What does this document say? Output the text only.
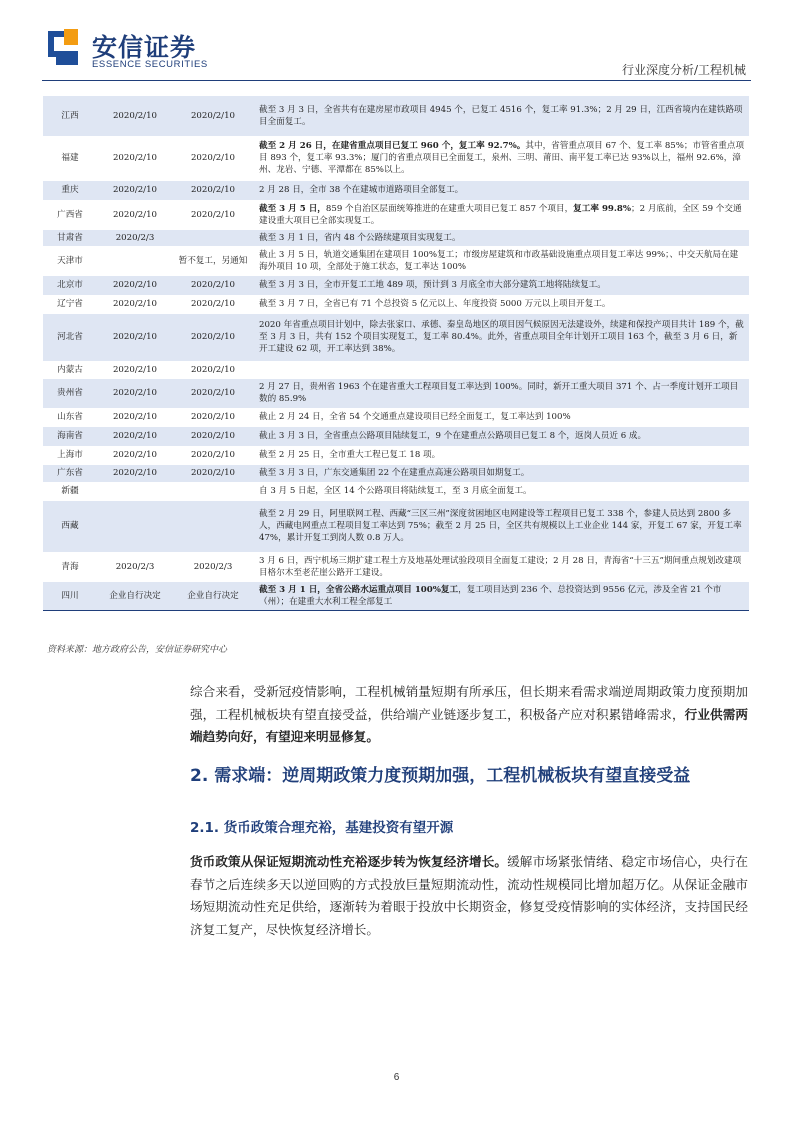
安信证券
ESSENCE SECURITIES	行业深度分析/工程机械
江西	2020/2/10	2020/2/10	截至 3 月 3 日，全省共有在建房屋市政项目 4945 个，已复工 4516 个，复工率 91.3%；2 月 29 日，江西省境内在建铁路项目全面复工。
福建	2020/2/10	2020/2/10	截至 2 月 26 日，在建省重点项目已复工 960 个，复工率 92.7%。其中，省管重点项目 67 个、复工率 85%；市管省重点项目 893 个，复工率 93.3%；厦门的省重点项目已全面复工，泉州、三明、莆田、南平复工率已达 93%以上，福州 92.6%，漳州、龙岩、宁德、平潭都在 85%以上。
重庆	2020/2/10	2020/2/10	2 月 28 日，全市 38 个在建城市道路项目全部复工。
广西省	2020/2/10	2020/2/10	截至 3 月 5 日，859 个自治区层面统筹推进的在建重大项目已复工 857 个项目，复工率 99.8%；2 月底前，全区 59 个交通建设重大项目已全部实现复工。
甘肃省	2020/2/3		截至 3 月 1 日，省内 48 个公路续建项目实现复工。
天津市		暂不复工，另通知	截止 3 月 5 日，轨道交通集团在建项目 100%复工；市级房屋建筑和市政基础设施重点项目复工率达 99%；、中交天航局在建海外项目 10 项，全部处于施工状态，复工率达 100%
北京市	2020/2/10	2020/2/10	截至 3 月 3 日，全市开复工工地 489 项，预计到 3 月底全市大部分建筑工地将陆续复工。
辽宁省	2020/2/10	2020/2/10	截至 3 月 7 日，全省已有 71 个总投资 5 亿元以上、年度投资 5000 万元以上项目开复工。
河北省	2020/2/10	2020/2/10	2020 年省重点项目计划中，除去张家口、承德、秦皇岛地区的项目因气候原因无法建设外，续建和保投产项目共计 189 个，截至 3 月 3 日，共有 152 个项目实现复工，复工率 80.4%。此外，省重点项目全年计划开工项目 163 个，截至 3 月 6 日，新开工建设 62 项，开工率达到 38%。
内蒙古	2020/2/10	2020/2/10	
贵州省	2020/2/10	2020/2/10	2 月 27 日，贵州省 1963 个在建省重大工程项目复工率达到 100%。同时，新开工重大项目 371 个、占一季度计划开工项目数的 85.9%
山东省	2020/2/10	2020/2/10	截止 2 月 24 日，全省 54 个交通重点建设项目已经全面复工，复工率达到 100%
海南省	2020/2/10	2020/2/10	截止 3 月 3 日，全省重点公路项目陆续复工，9 个在建重点公路项目已复工 8 个，返岗人员近 6 成。
上海市	2020/2/10	2020/2/10	截至 2 月 25 日，全市重大工程已复工 18 项。
广东省	2020/2/10	2020/2/10	截至 3 月 3 日，广东交通集团 22 个在建重点高速公路项目如期复工。
新疆			自 3 月 5 日起，全区 14 个公路项目将陆续复工，至 3 月底全面复工。
西藏			截至 2 月 29 日，阿里联网工程、西藏“三区三州”深度贫困地区电网建设等工程项目已复工 338 个，参建人员达到 2800 多人，西藏电网重点工程项目复工率达到 75%；截至 2 月 25 日，全区共有规模以上工业企业 144 家，开复工 67 家，开复工率 47%，累计开复工到岗人数 0.8 万人。
青海	2020/2/3	2020/2/3	3 月 6 日，西宁机场三期扩建工程土方及地基处理试验段项目全面复工建设；2 月 28 日，青海省“十三五”期间重点规划改建项目格尔木至老茫崖公路开工建设。
四川	企业自行决定	企业自行决定	截至 3 月 1 日，全省公路水运重点项目 100%复工，复工项目达到 236 个、总投资达到 9556 亿元，涉及全省 21 个市（州）；在建重大水利工程全部复工
资料来源：地方政府公告，安信证券研究中心
综合来看，受新冠疫情影响，工程机械销量短期有所承压，但长期来看需求端逆周期政策力度预期加强，工程机械板块有望直接受益，供给端产业链逐步复工，积极备产应对积累错峰需求，行业供需两端趋势向好，有望迎来明显修复。
2. 需求端：逆周期政策力度预期加强，工程机械板块有望直接受益
2.1. 货币政策合理充裕，基建投资有望开源
货币政策从保证短期流动性充裕逐步转为恢复经济增长。缓解市场紧张情绪、稳定市场信心，央行在春节之后连续多天以逆回购的方式投放巨量短期流动性，流动性规模同比增加超万亿。从保证金融市场短期流动性充足供给，逐渐转为着眼于投放中长期资金，修复受疫情影响的实体经济，支持国民经济复工复产，尽快恢复经济增长。
6
